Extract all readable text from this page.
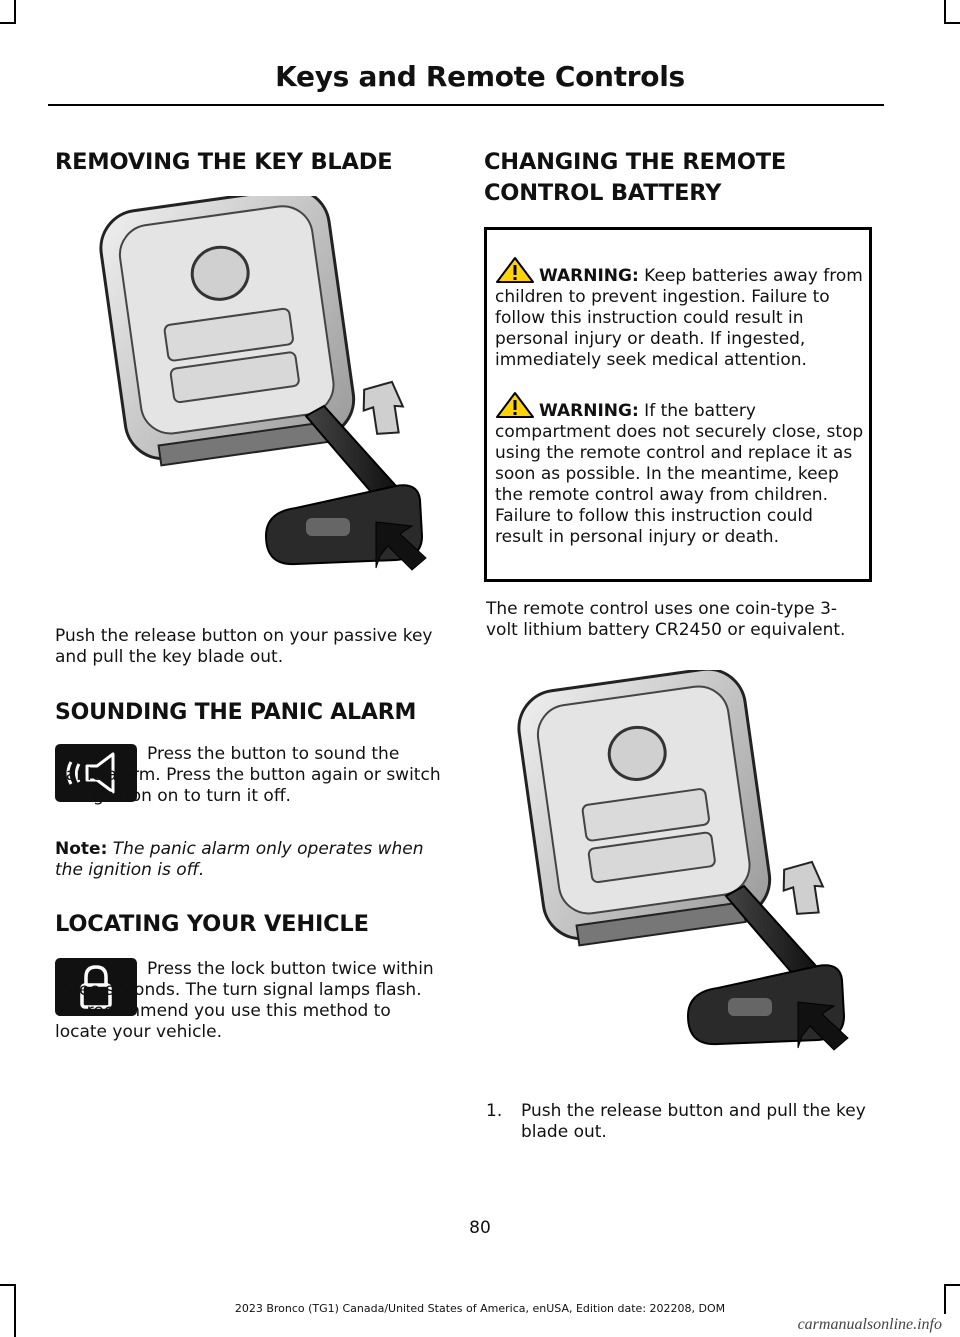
Keys and Remote Controls
REMOVING THE KEY BLADE
Push the release button on your passive key and pull the key blade out.
SOUNDING THE PANIC ALARM
Press the button to sound the panic alarm. Press the button again or switch the ignition on to turn it off.
Note: The panic alarm only operates when the ignition is off.
LOCATING YOUR VEHICLE
Press the lock button twice within three seconds. The turn signal lamps flash. We recommend you use this method to locate your vehicle.
CHANGING THE REMOTE
CONTROL BATTERY

WARNING: Keep batteries away from children to prevent ingestion. Failure to follow this instruction could result in personal injury or death. If ingested, immediately seek medical attention.

WARNING: If the battery compartment does not securely close, stop using the remote control and replace it as soon as possible. In the meantime, keep the remote control away from children. Failure to follow this instruction could result in personal injury or death.

The remote control uses one coin-type 3-volt lithium battery CR2450 or equivalent.
1. Push the release button and pull the key blade out.
80
2023 Bronco (TG1) Canada/United States of America, enUSA, Edition date: 202208, DOM
carmanualsonline.info
